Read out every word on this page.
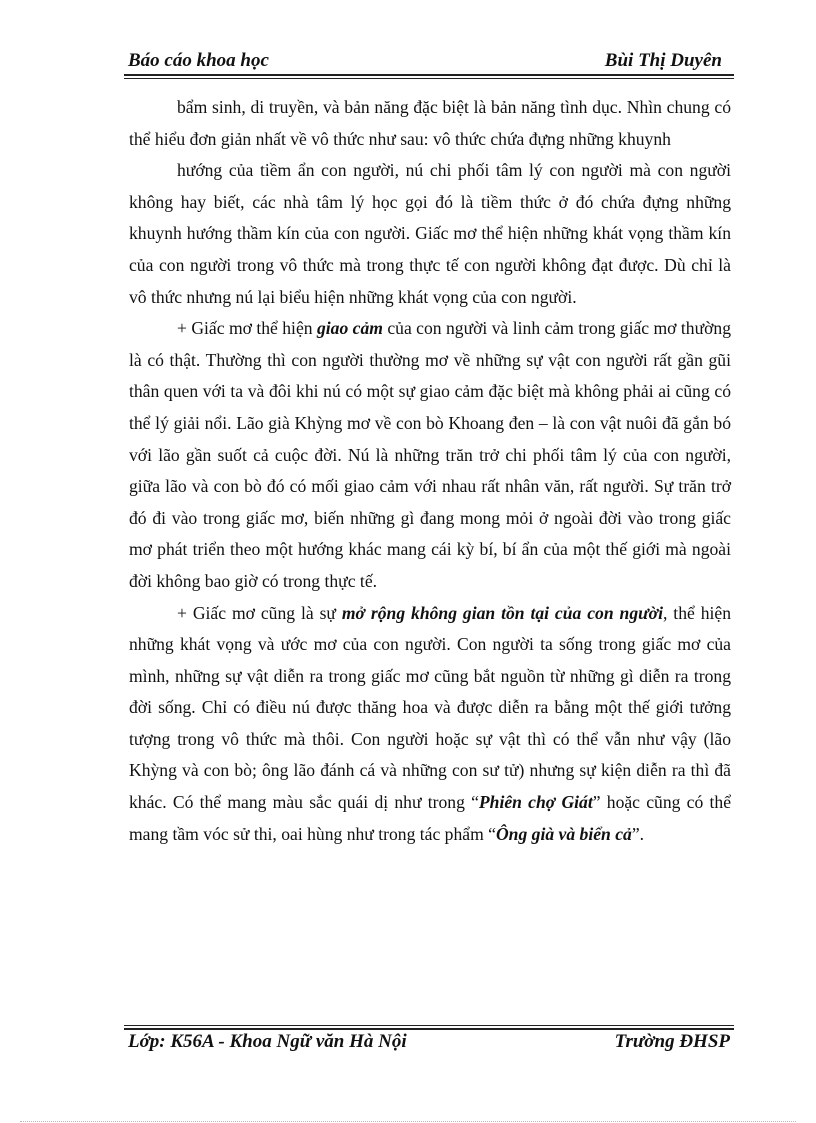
Báo cáo khoa học	Bùi Thị Duyên

bẩm sinh, di truyền, và bản năng đặc biệt là bản năng tình dục. Nhìn chung có thể hiểu đơn giản nhất về vô thức như sau: vô thức chứa đựng những khuynh

hướng của tiềm ẩn con người, nú chi phối tâm lý con người mà con người không hay biết, các nhà tâm lý học gọi đó là tiềm thức ở đó chứa đựng những khuynh hướng thầm kín của con người. Giấc mơ thể hiện những khát vọng thầm kín của con người trong vô thức mà trong thực tế con người không đạt được. Dù chỉ là vô thức nhưng nú lại biểu hiện những khát vọng của con người.

+ Giấc mơ thể hiện giao cảm của con người và linh cảm trong giấc mơ thường là có thật. Thường thì con người thường mơ về những sự vật con người rất gần gũi thân quen với ta và đôi khi nú có một sự giao cảm đặc biệt mà không phải ai cũng có thể lý giải nổi. Lão già Khỳng mơ về con bò Khoang đen – là con vật nuôi đã gắn bó với lão gần suốt cả cuộc đời. Nú là những trăn trở chi phối tâm lý của con người, giữa lão và con bò đó có mối giao cảm với nhau rất nhân văn, rất người. Sự trăn trở đó đi vào trong giấc mơ, biến những gì đang mong mỏi ở ngoài đời vào trong giấc mơ phát triển theo một hướng khác mang cái kỳ bí, bí ẩn của một thế giới mà ngoài đời không bao giờ có trong thực tế.

+ Giấc mơ cũng là sự mở rộng không gian tồn tại của con người, thể hiện những khát vọng và ước mơ của con người. Con người ta sống trong giấc mơ của mình, những sự vật diễn ra trong giấc mơ cũng bắt nguồn từ những gì diễn ra trong đời sống. Chỉ có điều nú được thăng hoa và được diễn ra bằng một thế giới tưởng tượng trong vô thức mà thôi. Con người hoặc sự vật thì có thể vẫn như vậy (lão Khỳng và con bò; ông lão đánh cá và những con sư tử) nhưng sự kiện diễn ra thì đã khác. Có thể mang màu sắc quái dị như trong “Phiên chợ Giát” hoặc cũng có thể mang tầm vóc sử thi, oai hùng như trong tác phẩm “Ông già và biển cả”.

Lớp: K56A - Khoa Ngữ văn Hà Nội	Trường ĐHSP
